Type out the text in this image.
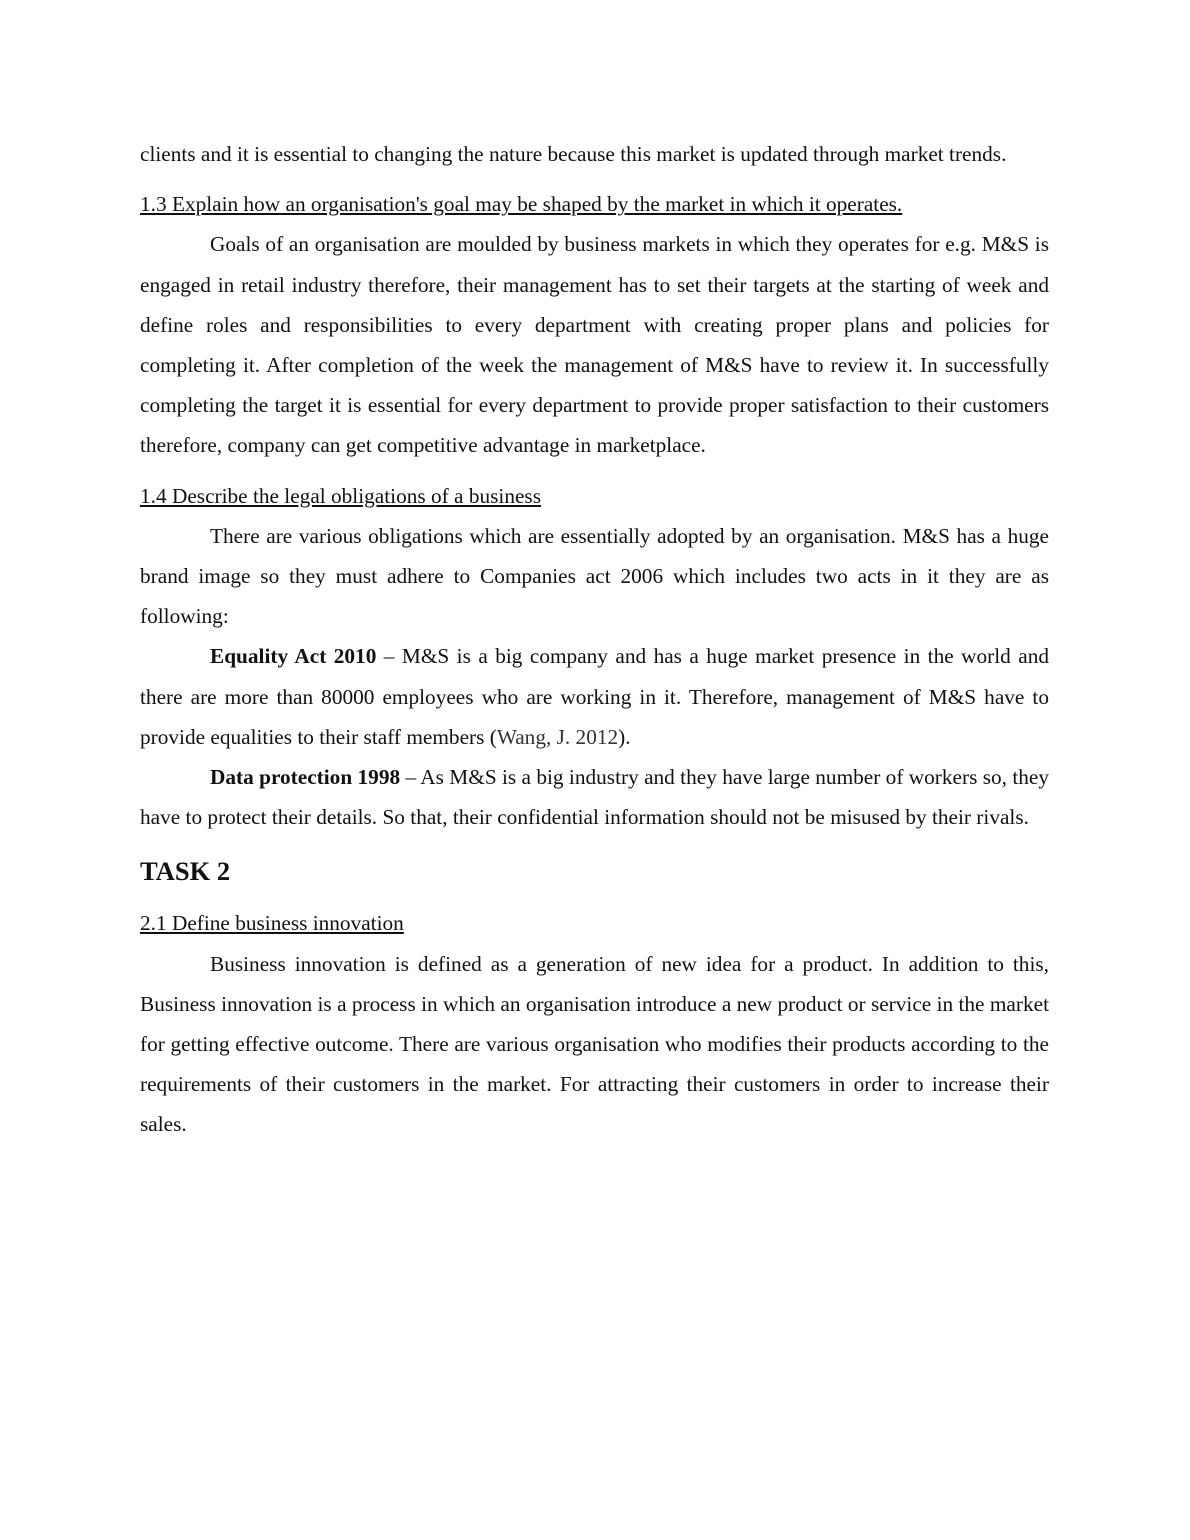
clients and it is essential to changing the nature because this market is updated through market trends.

1.3 Explain how an organisation's goal may be shaped by the market in which it operates.

Goals of an organisation are moulded by business markets in which they operates for e.g. M&S is engaged in retail industry therefore, their management has to set their targets at the starting of week and define roles and responsibilities to every department with creating proper plans and policies for completing it. After completion of the week the management of M&S have to review it. In successfully completing the target it is essential for every department to provide proper satisfaction to their customers therefore, company can get competitive advantage in marketplace.

1.4 Describe the legal obligations of a business

There are various obligations which are essentially adopted by an organisation. M&S has a huge brand image so they must adhere to Companies act 2006 which includes two acts in it they are as following:

Equality Act 2010 – M&S is a big company and has a huge market presence in the world and there are more than 80000 employees who are working in it. Therefore, management of M&S have to provide equalities to their staff members (Wang, J. 2012).

Data protection 1998 – As M&S is a big industry and they have large number of workers so, they have to protect their details. So that, their confidential information should not be misused by their rivals.

TASK 2
2.1 Define business innovation

Business innovation is defined as a generation of new idea for a product. In addition to this, Business innovation is a process in which an organisation introduce a new product or service in the market for getting effective outcome. There are various organisation who modifies their products according to the requirements of their customers in the market. For attracting their customers in order to increase their sales.
